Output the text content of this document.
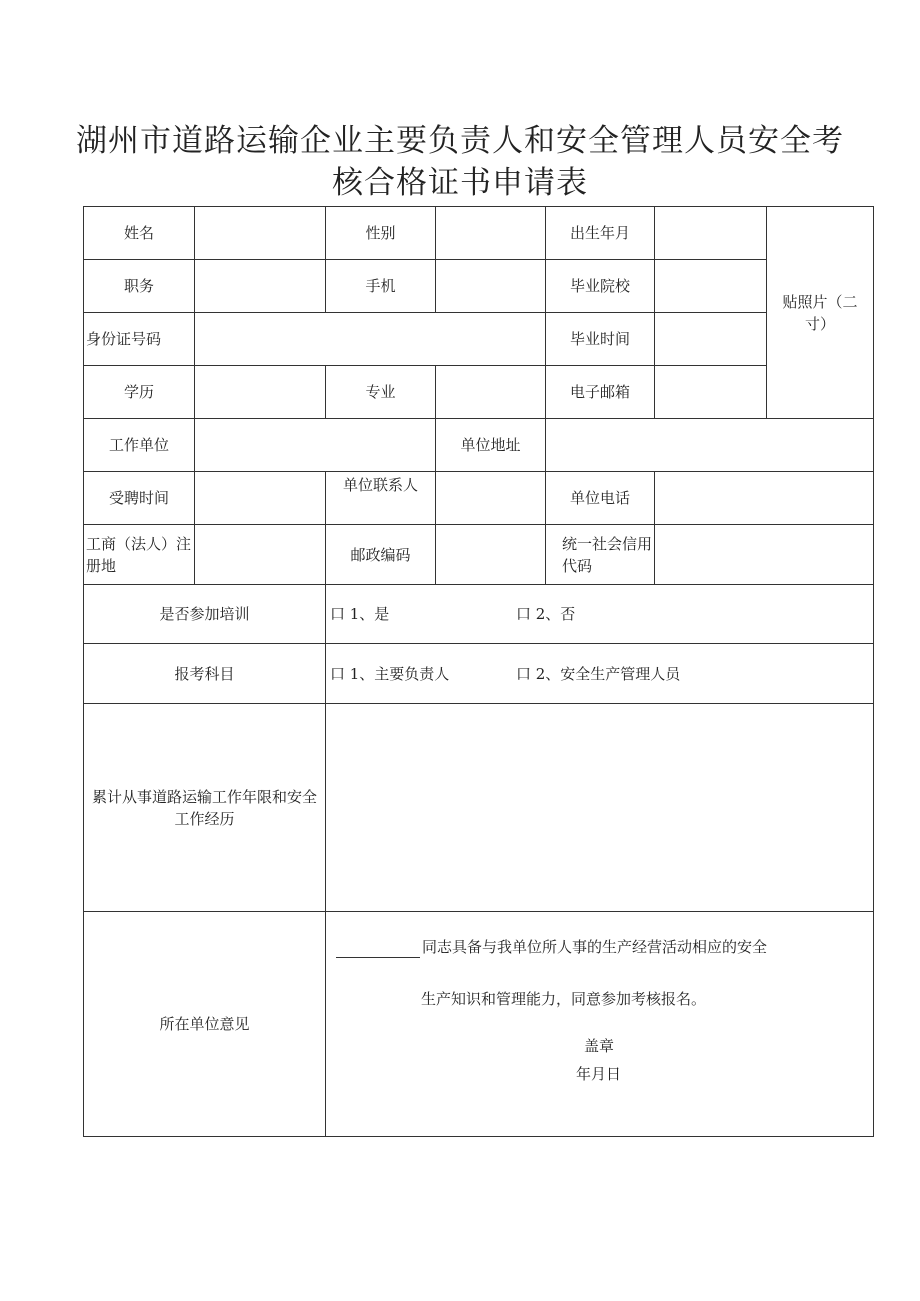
湖州市道路运输企业主要负责人和安全管理人员安全考
核合格证书申请表
姓名		性别		出生年月		贴照片（二寸）
职务		手机		毕业院校		
身份证号码				毕业时间		
学历		专业		电子邮箱		
工作单位			单位地址			
受聘时间		单位联系人		单位电话		
工商（法人）注册地		邮政编码		统一社会信用代码		
是否参加培训		口 1、是 口 2、否				
报考科目		口 1、主要负责人 口 2、安全生产管理人员				
累计从事道路运输工作年限和安全工作经历						
所在单位意见		同志具备与我单位所人事的生产经营活动相应的安全
生产知识和管理能力，同意参加考核报名。
盖章
年月日				
